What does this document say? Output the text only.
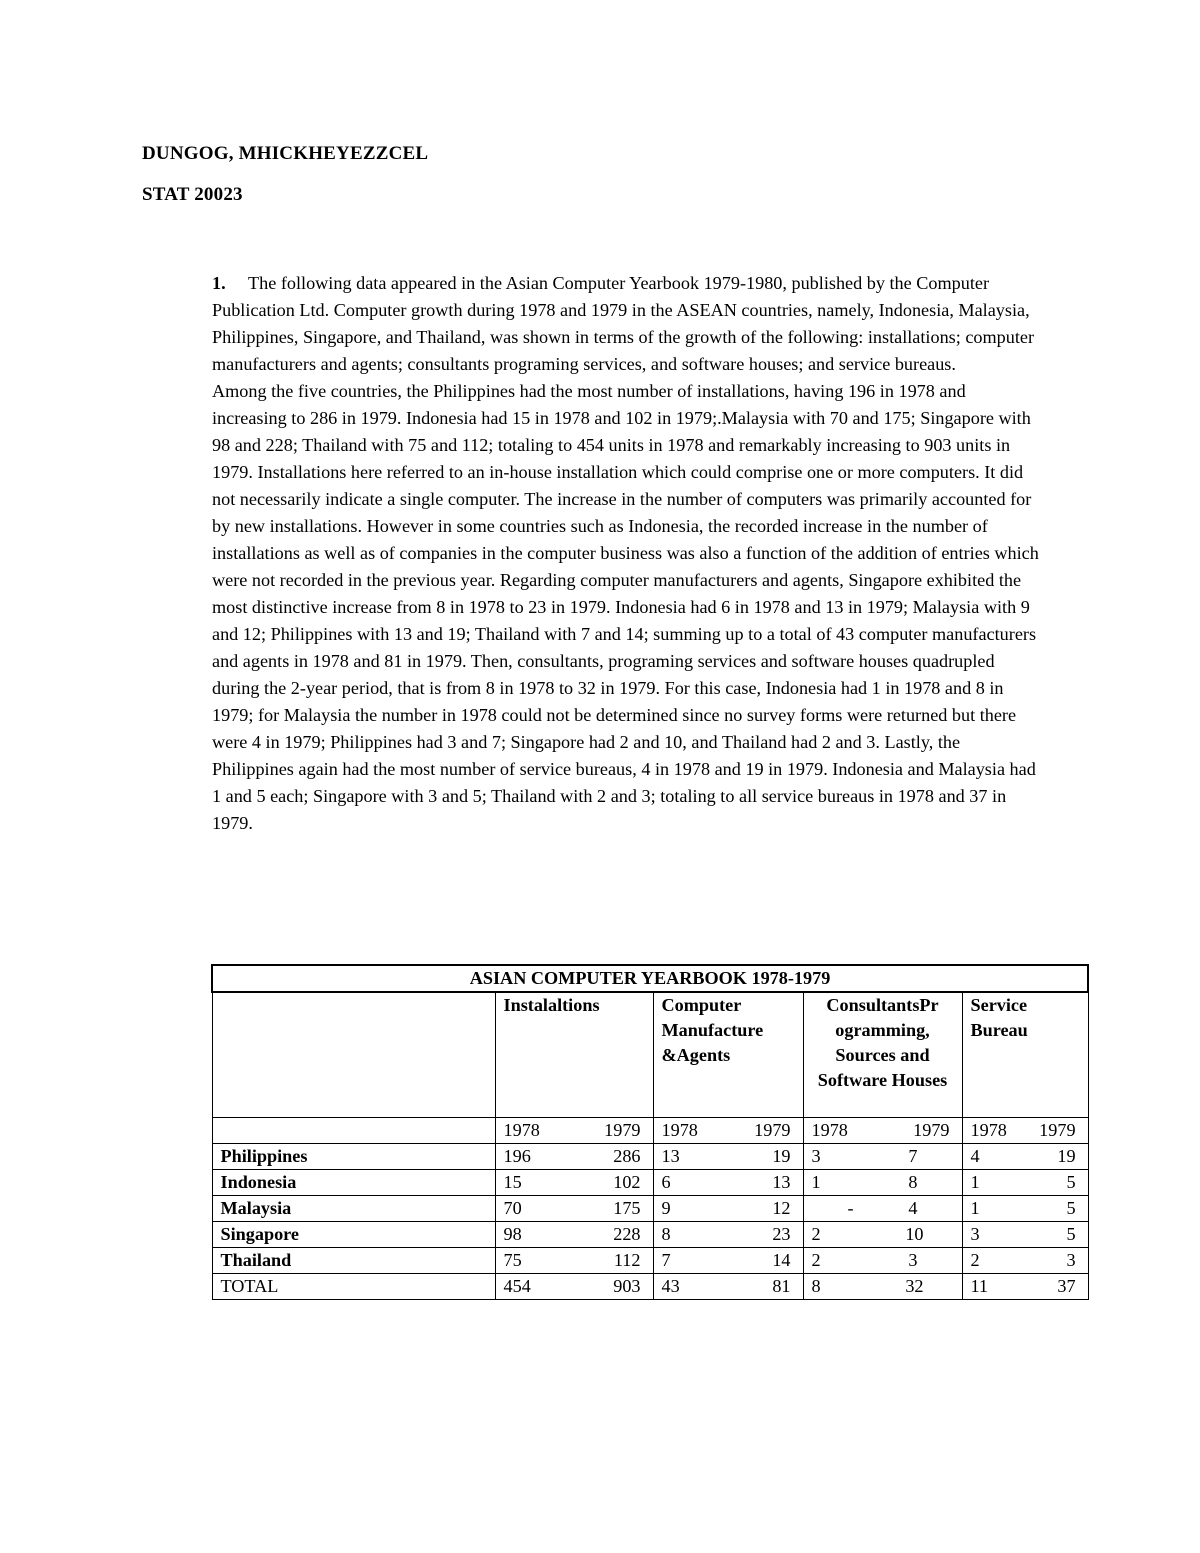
DUNGOG, MHICKHEYEZZCEL
STAT 20023

1. The following data appeared in the Asian Computer Yearbook 1979-1980, published by the Computer Publication Ltd. Computer growth during 1978 and 1979 in the ASEAN countries, namely, Indonesia, Malaysia, Philippines, Singapore, and Thailand, was shown in terms of the growth of the following: installations; computer manufacturers and agents; consultants programing services, and software houses; and service bureaus.

Among the five countries, the Philippines had the most number of installations, having 196 in 1978 and increasing to 286 in 1979. Indonesia had 15 in 1978 and 102 in 1979;.Malaysia with 70 and 175; Singapore with 98 and 228; Thailand with 75 and 112; totaling to 454 units in 1978 and remarkably increasing to 903 units in 1979. Installations here referred to an in-house installation which could comprise one or more computers. It did not necessarily indicate a single computer. The increase in the number of computers was primarily accounted for by new installations. However in some countries such as Indonesia, the recorded increase in the number of installations as well as of companies in the computer business was also a function of the addition of entries which were not recorded in the previous year. Regarding computer manufacturers and agents, Singapore exhibited the most distinctive increase from 8 in 1978 to 23 in 1979. Indonesia had 6 in 1978 and 13 in 1979; Malaysia with 9 and 12; Philippines with 13 and 19; Thailand with 7 and 14; summing up to a total of 43 computer manufacturers and agents in 1978 and 81 in 1979. Then, consultants, programing services and software houses quadrupled during the 2-year period, that is from 8 in 1978 to 32 in 1979. For this case, Indonesia had 1 in 1978 and 8 in 1979; for Malaysia the number in 1978 could not be determined since no survey forms were returned but there were 4 in 1979; Philippines had 3 and 7; Singapore had 2 and 10, and Thailand had 2 and 3. Lastly, the Philippines again had the most number of service bureaus, 4 in 1978 and 19 in 1979. Indonesia and Malaysia had 1 and 5 each; Singapore with 3 and 5; Thailand with 2 and 3; totaling to all service bureaus in 1978 and 37 in 1979.

ASIAN COMPUTER YEARBOOK 1978-1979				
	Instalaltions	Computer Manufacture &Agents	ConsultantsPr ogramming, Sources and Software Houses	Service Bureau

	1978 1979	1978 1979	1978 1979	1978 1979

Philippines	196 286	13 19	3 7	4 19

Indonesia	15 102	6 13	1 8	1 5

Malaysia	70 175	9 12	- 4	1 5

Singapore	98 228	8 23	2 10	3 5

Thailand	75 112	7 14	2 3	2 3

TOTAL	454 903	43 81	8 32	11 37
